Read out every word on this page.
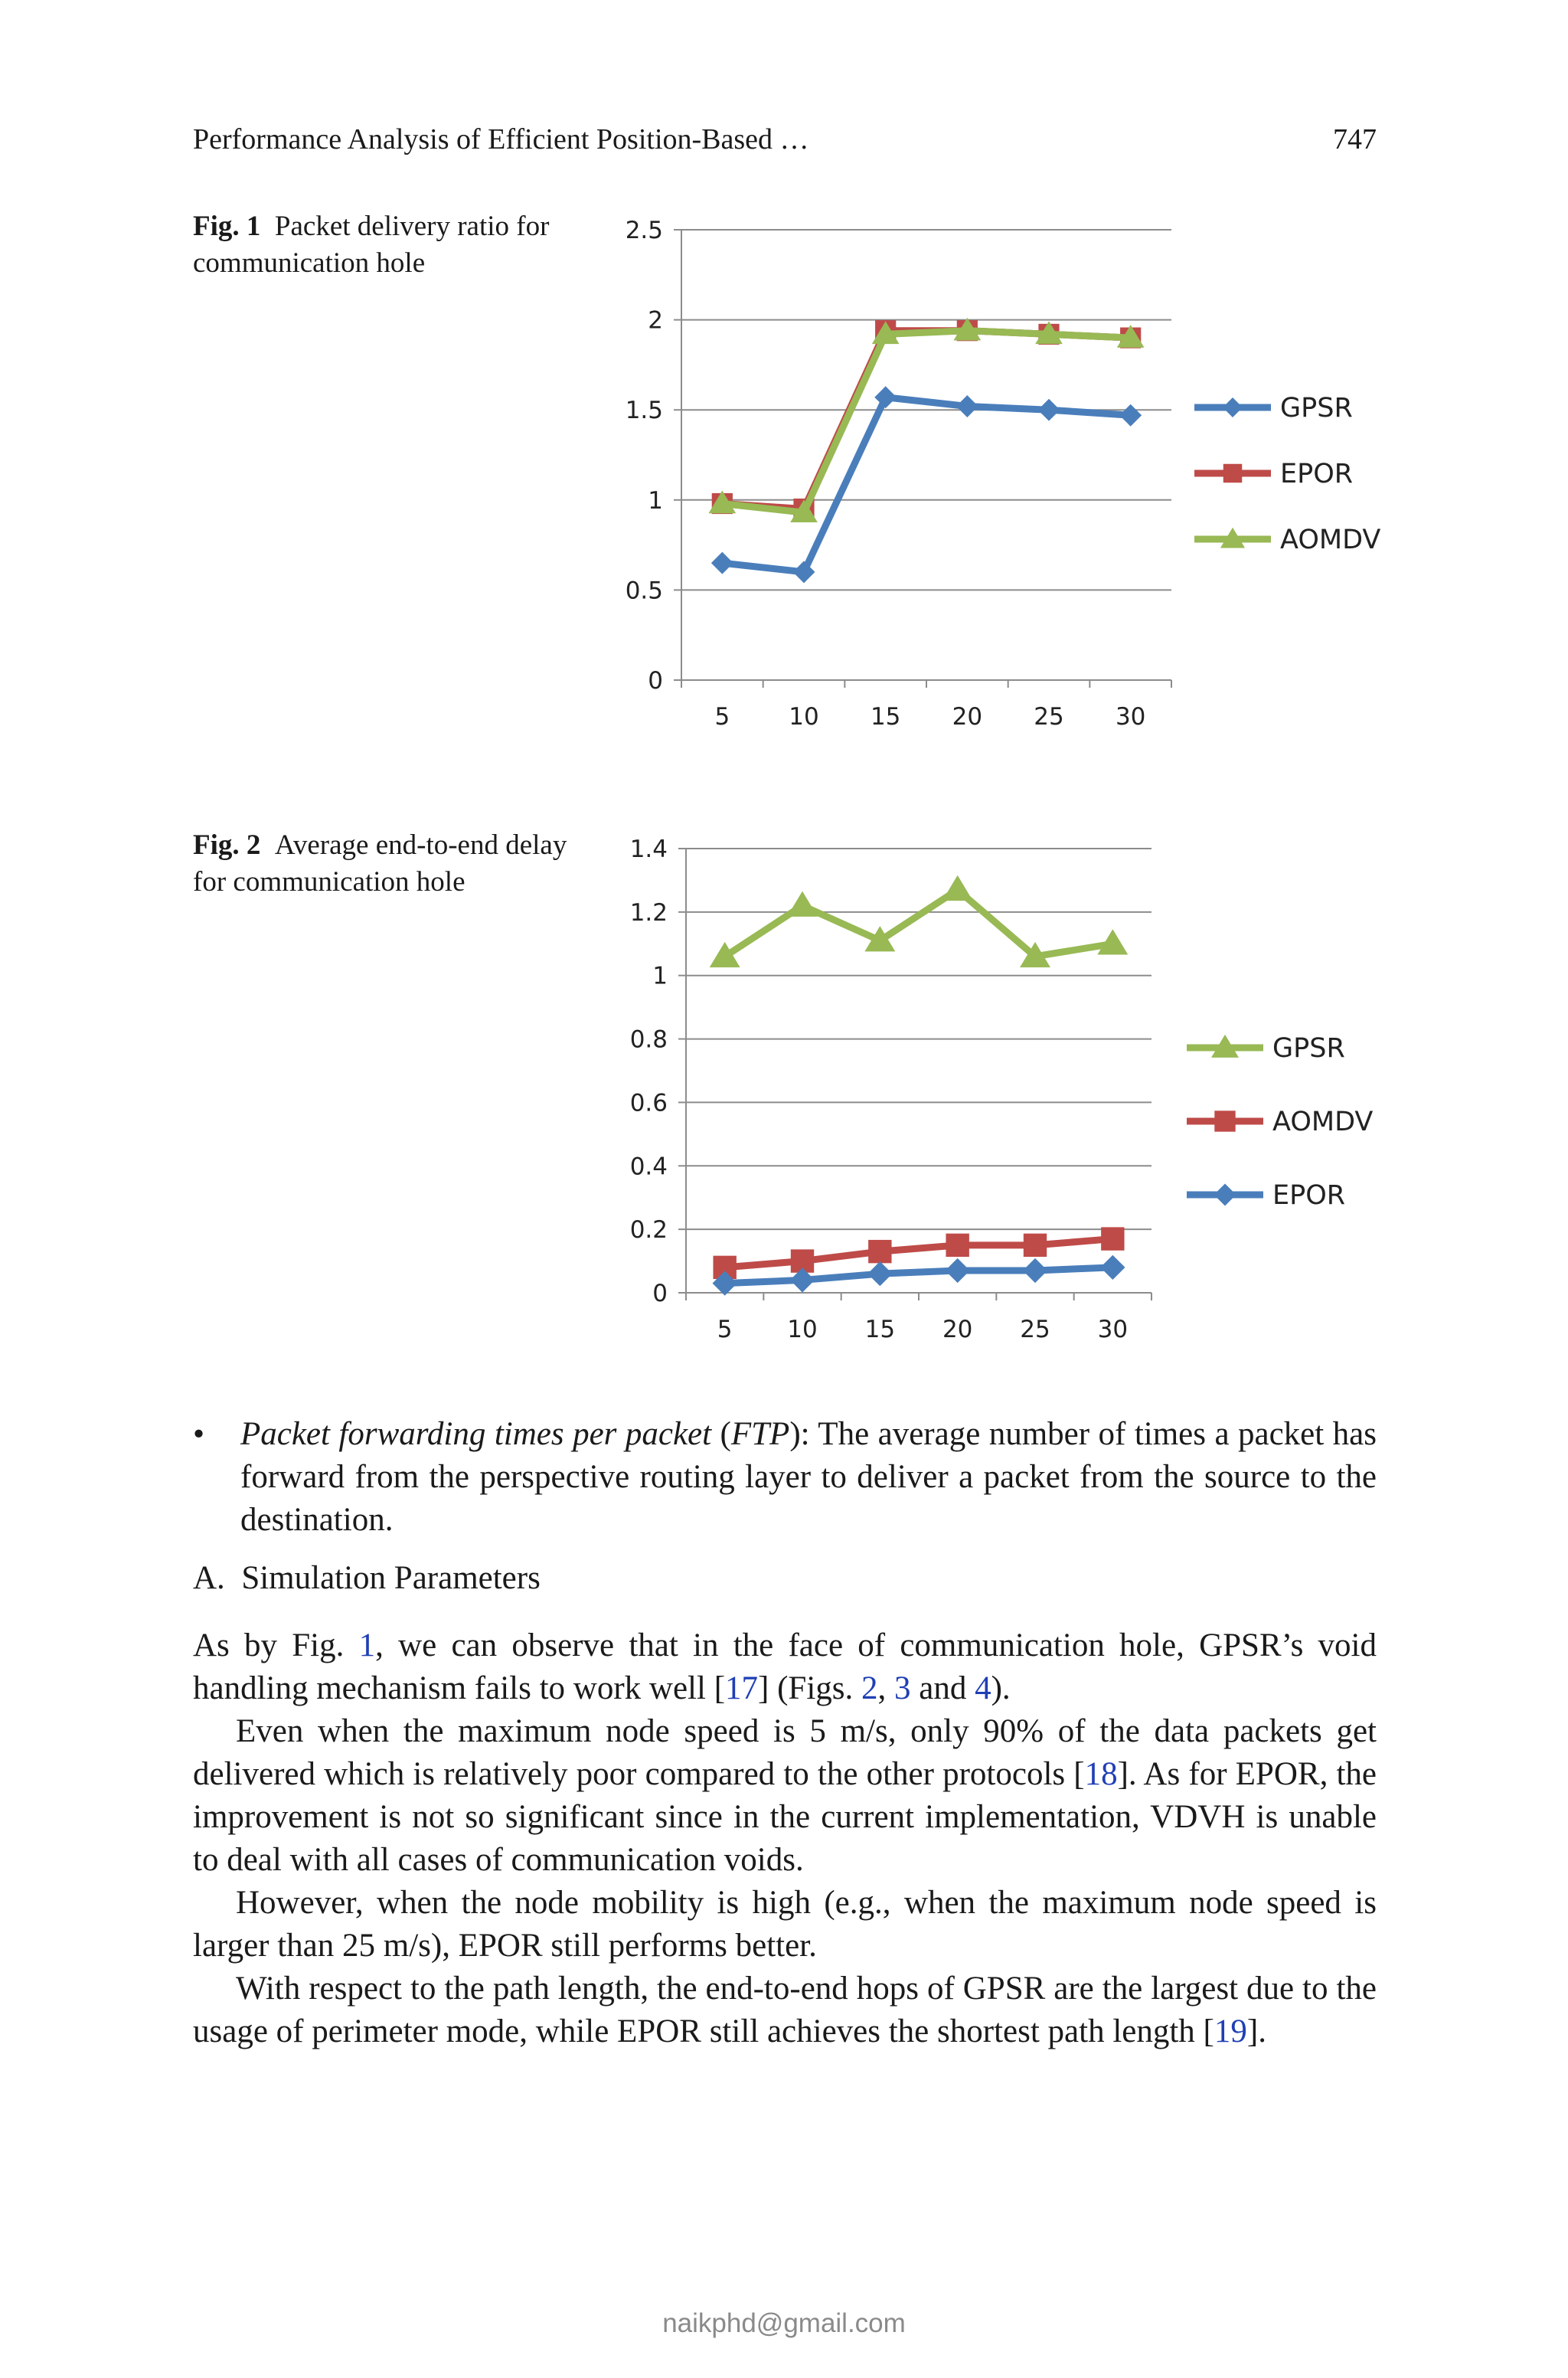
Performance Analysis of Efficient Position-Based …	747
Fig. 1 Packet delivery ratio for communication hole
0
0.5
1
1.5
2
2.5
5 10 15 20 25 30
GPSR
EPOR
AOMDV
Fig. 2 Average end-to-end delay for communication hole
0
0.2
0.4
0.6
0.8
1
1.2
1.4
5 10 15 20 25 30
GPSR
AOMDV
EPOR
• Packet forwarding times per packet (FTP): The average number of times a packet has forward from the perspective routing layer to deliver a packet from the source to the destination.
A. Simulation Parameters
As by Fig. 1, we can observe that in the face of communication hole, GPSR’s void handling mechanism fails to work well [17] (Figs. 2, 3 and 4).
Even when the maximum node speed is 5 m/s, only 90% of the data packets get delivered which is relatively poor compared to the other protocols [18]. As for EPOR, the improvement is not so significant since in the current implementation, VDVH is unable to deal with all cases of communication voids.
However, when the node mobility is high (e.g., when the maximum node speed is larger than 25 m/s), EPOR still performs better.
With respect to the path length, the end-to-end hops of GPSR are the largest due to the usage of perimeter mode, while EPOR still achieves the shortest path length [19].
naikphd@gmail.com
